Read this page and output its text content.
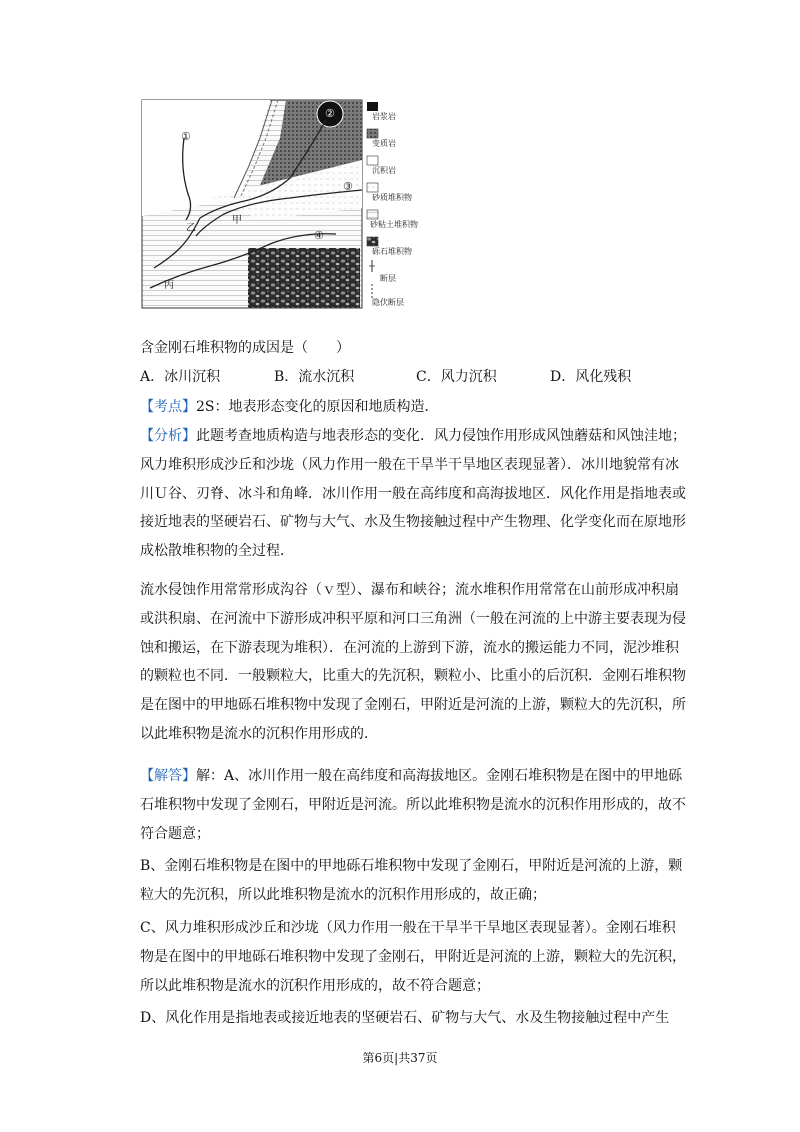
①
②
③
④
甲
乙
丙
岩浆岩
变质岩
沉积岩
砂质堆积物
砂粘土堆积物
砾石堆积物
断层
隐伏断层
含金刚石堆积物的成因是（　　）
A．冰川沉积	B．流水沉积	C．风力沉积	D．风化残积
【考点】2S：地表形态变化的原因和地质构造．
【分析】此题考查地质构造与地表形态的变化．风力侵蚀作用形成风蚀蘑菇和风蚀洼地；风力堆积形成沙丘和沙垅（风力作用一般在干旱半干旱地区表现显著）．冰川地貌常有冰川Ｕ谷、刃脊、冰斗和角峰．冰川作用一般在高纬度和高海拔地区．风化作用是指地表或接近地表的坚硬岩石、矿物与大气、水及生物接触过程中产生物理、化学变化而在原地形成松散堆积物的全过程．
流水侵蚀作用常常形成沟谷（ｖ型）、瀑布和峡谷；流水堆积作用常常在山前形成冲积扇或洪积扇、在河流中下游形成冲积平原和河口三角洲（一般在河流的上中游主要表现为侵蚀和搬运，在下游表现为堆积）．在河流的上游到下游，流水的搬运能力不同，泥沙堆积的颗粒也不同．一般颗粒大，比重大的先沉积，颗粒小、比重小的后沉积．金刚石堆积物是在图中的甲地砾石堆积物中发现了金刚石，甲附近是河流的上游，颗粒大的先沉积，所以此堆积物是流水的沉积作用形成的．
【解答】解：A、冰川作用一般在高纬度和高海拔地区。金刚石堆积物是在图中的甲地砾石堆积物中发现了金刚石，甲附近是河流。所以此堆积物是流水的沉积作用形成的，故不符合题意；
B、金刚石堆积物是在图中的甲地砾石堆积物中发现了金刚石，甲附近是河流的上游，颗粒大的先沉积，所以此堆积物是流水的沉积作用形成的，故正确；
C、风力堆积形成沙丘和沙垅（风力作用一般在干旱半干旱地区表现显著）。金刚石堆积物是在图中的甲地砾石堆积物中发现了金刚石，甲附近是河流的上游，颗粒大的先沉积，所以此堆积物是流水的沉积作用形成的，故不符合题意；
D、风化作用是指地表或接近地表的坚硬岩石、矿物与大气、水及生物接触过程中产生
第6页|共37页
